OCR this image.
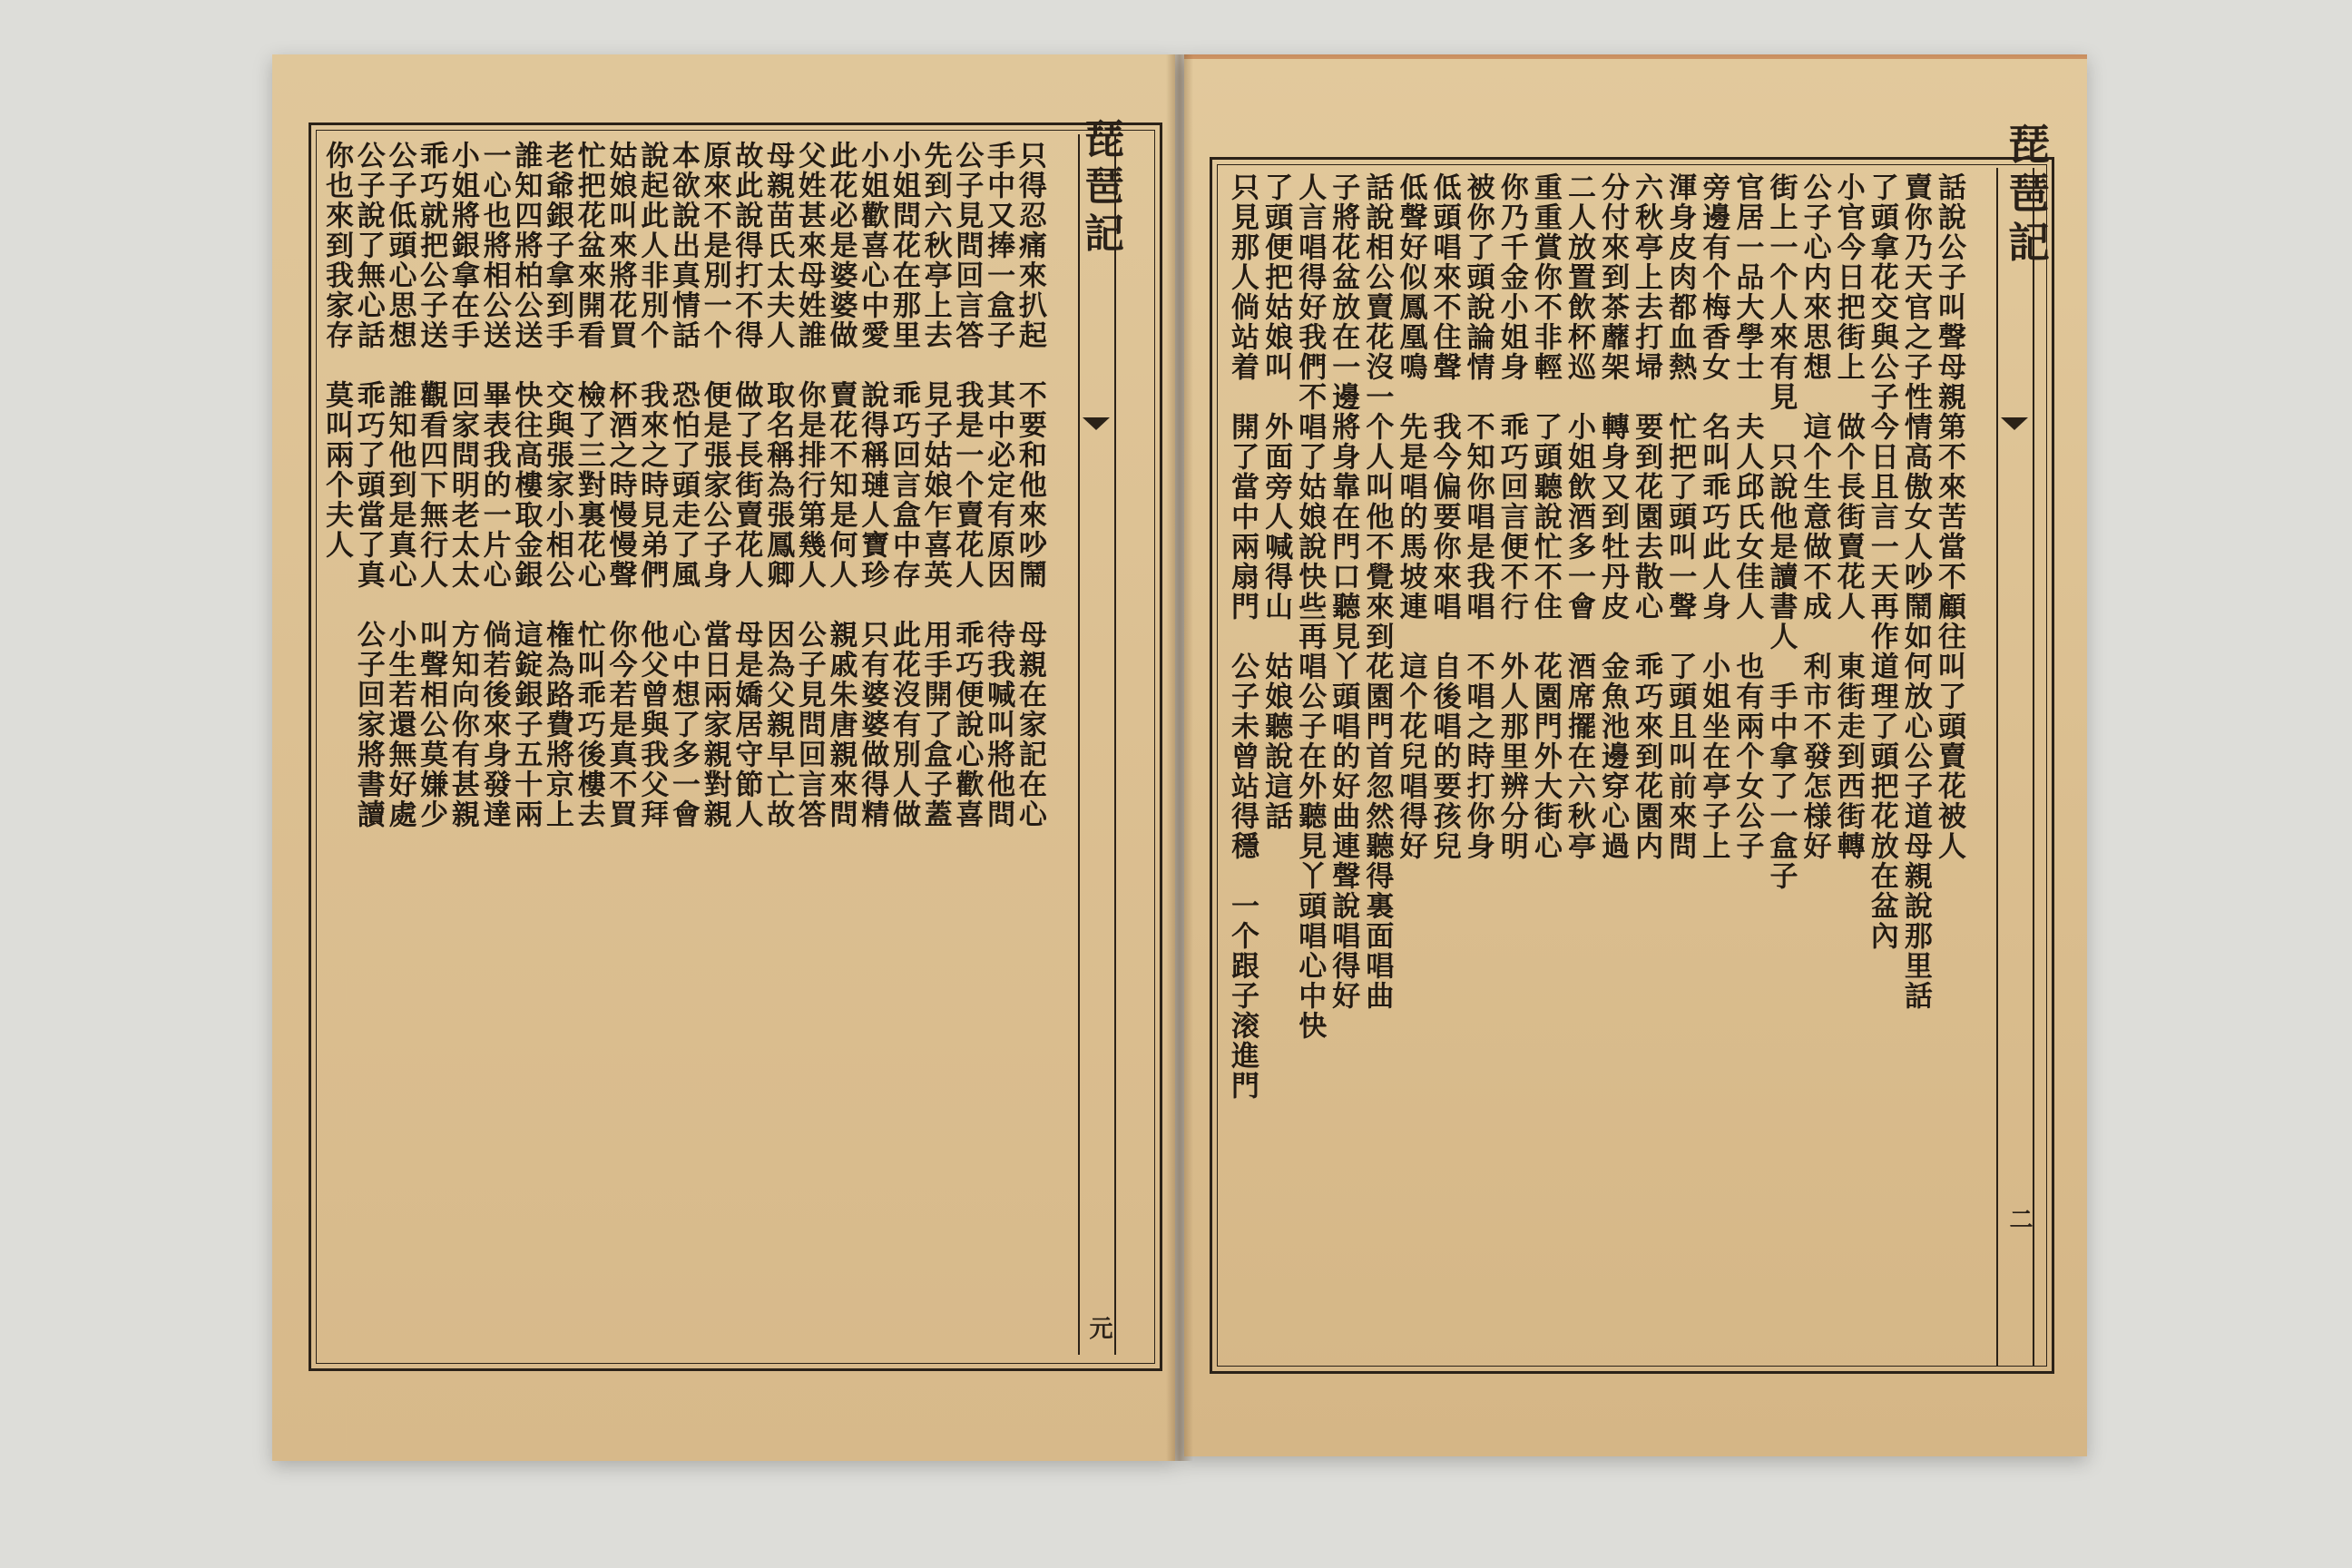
琵琶記
元
只得忍痛來扒起　不要和他來吵鬧　母親在家記在心
手中又捧一盒子　其中必定有原因　待我喊叫將他問
公子見問回言答　我是一个賣花人　乖巧便說心歡喜
先到六秋亭上去　見子姑娘乍喜英　用手開了盒子蓋
小姐問花在那里　乖巧回言盒中存　此花沒有別人做
小姐歡喜心中愛　說得稱璉人寶珍　只有婆婆做得精
此花必是婆婆做　賣花不知是何人　親戚朱唐親來問
父姓甚來母姓誰　你是排行第幾人　公子見問回言答
母親苗氏太夫人　取名稱為張鳳卿　因為父親早亡故
故此說得打不得　做了長街賣花人　母是嬌居守節人
原來不是別一个　便是張家公子身　當日兩家親對親
本欲說出真情話　恐怕了頭走了風　心中想了多一會
說起此人非別个　我來之時見弟們　他父曾與我父拜
姑娘叫來將花買　杯酒之時慢慢聲　你今若是真不買
忙把花盆來開看　檢了三對裏花心　忙叫乖巧後樓去
老爺銀子拿到手　交與張家小相公　権為路費將京上
誰知四將柏公送　快往高樓取金銀　這錠銀子五十兩
一心也將相公送　畢表我的一片心　倘若後來身發達
小姐將銀拿在手　回家問明老太太　方知向你有甚親
乖巧就把公子送　觀看四下無行人　叫聲相公莫嫌少
公子低頭心思想　誰知他到是真心　小生若還無好處
公子說了無心話　乖巧了頭當了真　公子回家將書讀
你也來到我家存　莫叫兩个夫人	琵琶記
二
話說公子叫聲母親第不來苦當不顧往叫了頭賣花被人
賣你乃天官之子性情高傲女人吵鬧如何放心公子道母親說那里話
了頭拿花交與公子今日且言一天再作道理了頭把花放在盆內
小官今日把街上　做个長街賣花人　東街走到西街轉
公子心内來思想　這个生意做不成　利市不發怎様好
街上一个人來有見　只說他是讀書人　手中拿了一盒子
官居一品大學士　夫人邱氏女佳人　也有兩个女公子
旁邊有个梅香女　名叫乖巧此人身　小姐坐在亭子上
渾身皮肉都血熱　忙把了頭叫一聲　了頭且叫前來問
六秋亭上去打埽　要到花園去散心　乖巧來到花園内
分付來到茶蘼架　轉身又到牡丹皮　金魚池邊穿心過
二人放置飲杯巡　小姐飲酒多一會　酒席擺在六秋亭
重重賞你不非輕　了頭聽說忙不住　花園門外大街心
你乃千金小姐身　乖巧回言便不行　外人那里辨分明
被你了頭說論情　不知你唱是我唱　不唱之時打你身
低頭唱來不住聲　我今偏要你來唱　自後唱的要孩兒
低聲好似鳳凰鳴　先是唱的馬坡連　這个花兒唱得好
話說相公賣花沒一个人叫他不覺來到花園門首忽然聽得裏面唱曲
子將花盆放在一邊將身靠在門口聽見丫頭唱的好曲連聲說唱得好
人言唱得好我們不唱了姑娘說快些再唱公子在外聽見丫頭唱心中快
了頭便把姑娘叫　外面旁人喊得山　姑娘聽說這話
只見那人倘站着　開了當中兩扇門　公子未曾站得穩　一个跟子滚進門
